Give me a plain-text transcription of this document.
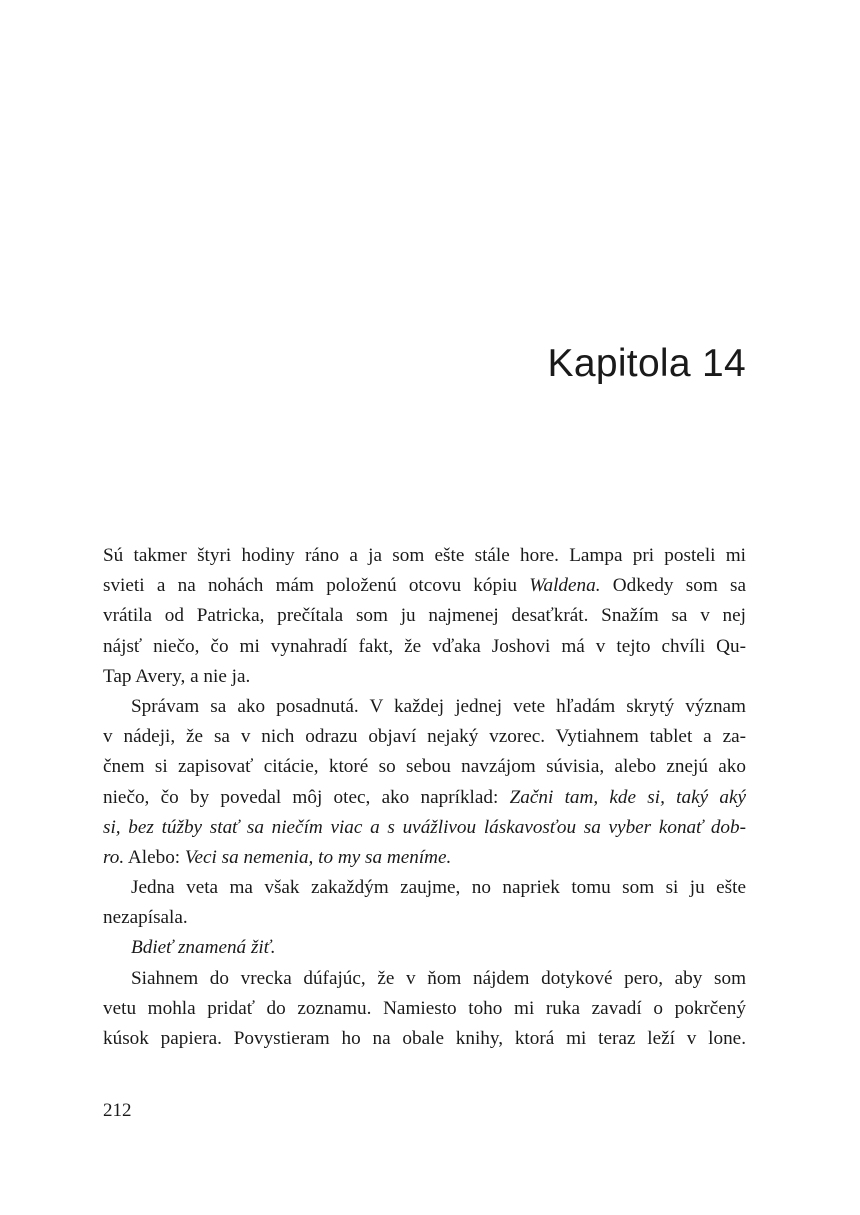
Kapitola 14
Sú takmer štyri hodiny ráno a ja som ešte stále hore. Lampa pri posteli mi
svieti a na nohách mám položenú otcovu kópiu Waldena. Odkedy som sa
vrátila od Patricka, prečítala som ju najmenej desaťkrát. Snažím sa v nej
nájsť niečo, čo mi vynahradí fakt, že vďaka Joshovi má v tejto chvíli Qu-
Tap Avery, a nie ja.
Správam sa ako posadnutá. V každej jednej vete hľadám skrytý význam
v nádeji, že sa v nich odrazu objaví nejaký vzorec. Vytiahnem tablet a za-
čnem si zapisovať citácie, ktoré so sebou navzájom súvisia, alebo znejú ako
niečo, čo by povedal môj otec, ako napríklad: Začni tam, kde si, taký aký
si, bez túžby stať sa niečím viac a s uvážlivou láskavosťou sa vyber konať dob-
ro. Alebo: Veci sa nemenia, to my sa meníme.
Jedna veta ma však zakaždým zaujme, no napriek tomu som si ju ešte
nezapísala.
Bdieť znamená žiť.
Siahnem do vrecka dúfajúc, že v ňom nájdem dotykové pero, aby som
vetu mohla pridať do zoznamu. Namiesto toho mi ruka zavadí o pokrčený
kúsok papiera. Povystieram ho na obale knihy, ktorá mi teraz leží v lone.
212
